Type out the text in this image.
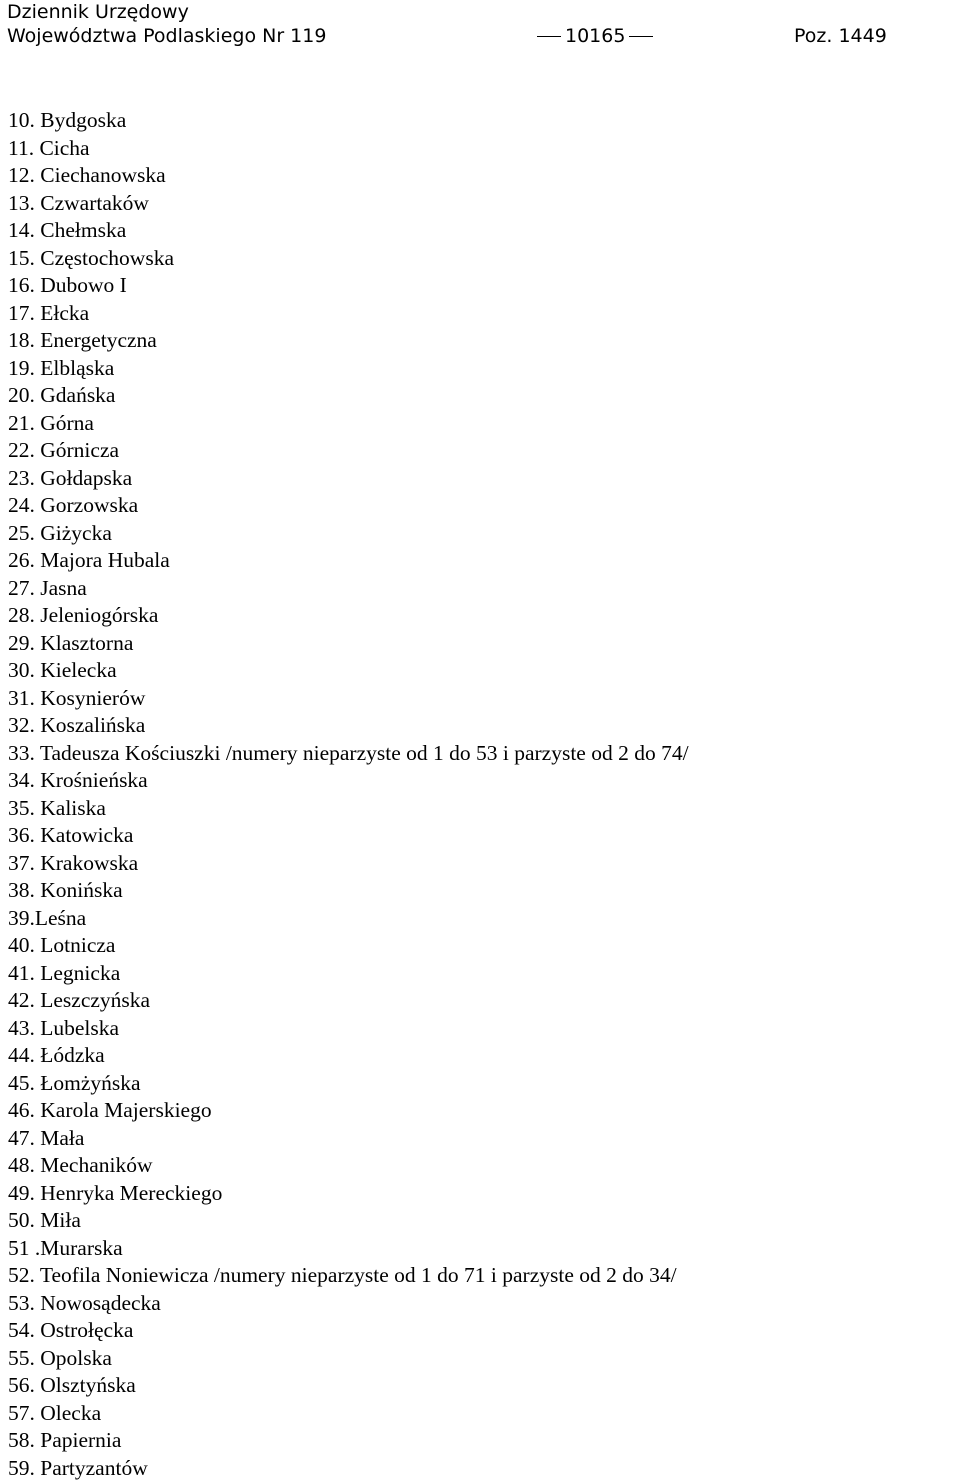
Dziennik Urzędowy
Województwa Podlaskiego Nr 119	10165	Poz. 1449
10. Bydgoska
11. Cicha
12. Ciechanowska
13. Czwartaków
14. Chełmska
15. Częstochowska
16. Dubowo I
17. Ełcka
18. Energetyczna
19. Elbląska
20. Gdańska
21. Górna
22. Górnicza
23. Gołdapska
24. Gorzowska
25. Giżycka
26. Majora Hubala
27. Jasna
28. Jeleniogórska
29. Klasztorna
30. Kielecka
31. Kosynierów
32. Koszalińska
33. Tadeusza Kościuszki /numery nieparzyste od 1 do 53 i parzyste od 2 do 74/
34. Krośnieńska
35. Kaliska
36. Katowicka
37. Krakowska
38. Konińska
39.Leśna
40. Lotnicza
41. Legnicka
42. Leszczyńska
43. Lubelska
44. Łódzka
45. Łomżyńska
46. Karola Majerskiego
47. Mała
48. Mechaników
49. Henryka Mereckiego
50. Miła
51 .Murarska
52. Teofila Noniewicza /numery nieparzyste od 1 do 71 i parzyste od 2 do 34/
53. Nowosądecka
54. Ostrołęcka
55. Opolska
56. Olsztyńska
57. Olecka
58. Papiernia
59. Partyzantów
